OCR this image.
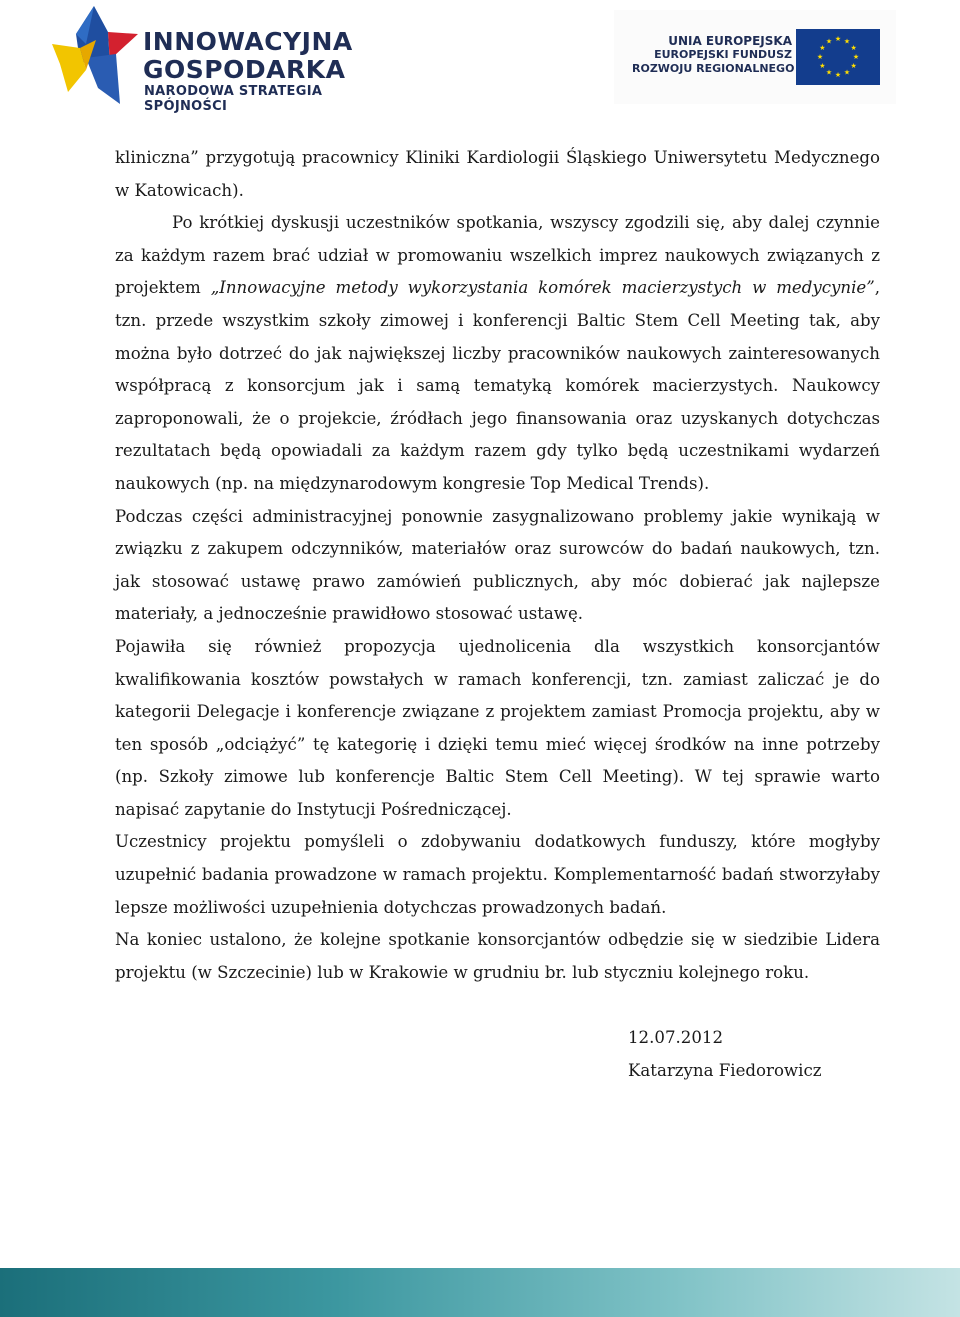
INNOWACYJNA
GOSPODARKA
NARODOWA STRATEGIA SPÓJNOŚCI
UNIA EUROPEJSKA
EUROPEJSKI FUNDUSZ
ROZWOJU REGIONALNEGO
★ ★
★
★
★
★
★
★
★
★
★
★

kliniczna” przygotują pracownicy Kliniki Kardiologii Śląskiego Uniwersytetu Medycznego w Katowicach).

Po krótkiej dyskusji uczestników spotkania, wszyscy zgodzili się, aby dalej czynnie za każdym razem brać udział w promowaniu wszelkich imprez naukowych związanych z projektem „Innowacyjne metody wykorzystania komórek macierzystych w medycynie”, tzn. przede wszystkim szkoły zimowej i konferencji Baltic Stem Cell Meeting tak, aby można było dotrzeć do jak największej liczby pracowników naukowych zainteresowanych współpracą z konsorcjum jak i samą tematyką komórek macierzystych. Naukowcy zaproponowali, że o projekcie, źródłach jego finansowania oraz uzyskanych dotychczas rezultatach będą opowiadali za każdym razem gdy tylko będą uczestnikami wydarzeń naukowych (np. na międzynarodowym kongresie Top Medical Trends).

Podczas części administracyjnej ponownie zasygnalizowano problemy jakie wynikają w związku z zakupem odczynników, materiałów oraz surowców do badań naukowych, tzn. jak stosować ustawę prawo zamówień publicznych, aby móc dobierać jak najlepsze materiały, a jednocześnie prawidłowo stosować ustawę.

Pojawiła się również propozycja ujednolicenia dla wszystkich konsorcjantów kwalifikowania kosztów powstałych w ramach konferencji, tzn. zamiast zaliczać je do kategorii Delegacje i konferencje związane z projektem zamiast Promocja projektu, aby w ten sposób „odciążyć” tę kategorię i dzięki temu mieć więcej środków na inne potrzeby (np. Szkoły zimowe lub konferencje Baltic Stem Cell Meeting). W tej sprawie warto napisać zapytanie do Instytucji Pośredniczącej.

Uczestnicy projektu pomyśleli o zdobywaniu dodatkowych funduszy, które mogłyby uzupełnić badania prowadzone w ramach projektu. Komplementarność badań stworzyłaby lepsze możliwości uzupełnienia dotychczas prowadzonych badań.

Na koniec ustalono, że kolejne spotkanie konsorcjantów odbędzie się w siedzibie Lidera projektu (w Szczecinie) lub w Krakowie w grudniu br. lub styczniu kolejnego roku.

12.07.2012
Katarzyna Fiedorowicz
